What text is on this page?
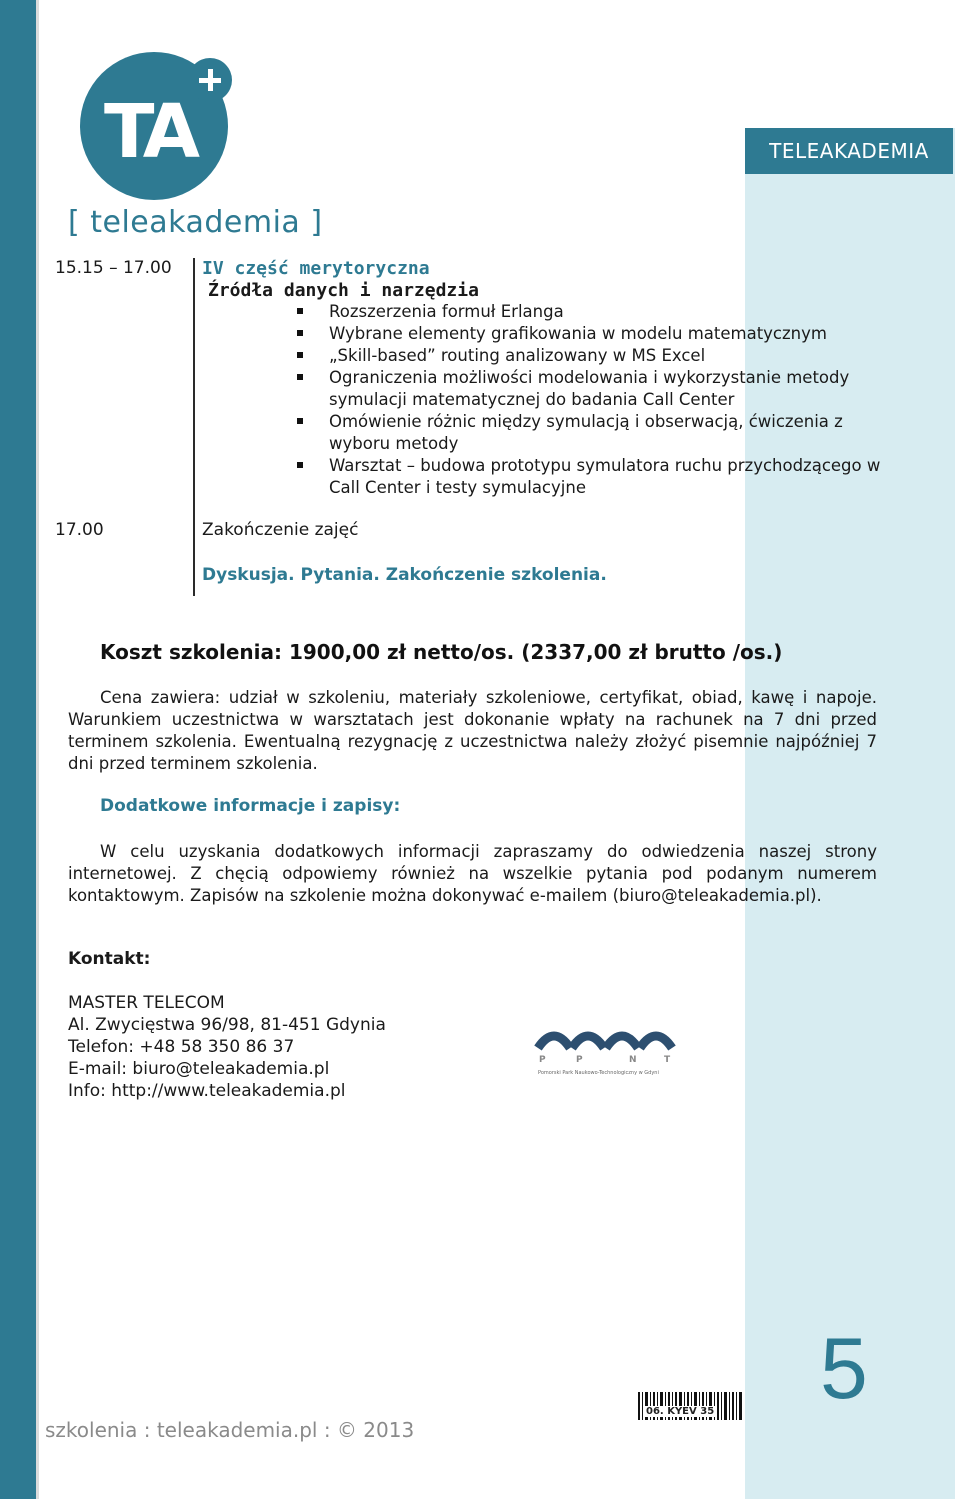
TELEAKADEMIA
TA
[ teleakademia ]
15.15 – 17.00 IV część merytoryczna
Źródła danych i narzędzia
Rozszerzenia formuł Erlanga
Wybrane elementy grafikowania w modelu matematycznym
„Skill-based” routing analizowany w MS Excel
Ograniczenia możliwości modelowania i wykorzystanie metody symulacji matematycznej do badania Call Center
Omówienie różnic między symulacją i obserwacją, ćwiczenia z wyboru metody
Warsztat – budowa prototypu symulatora ruchu przychodzącego w Call Center i testy symulacyjne
17.00	Zakończenie zajęć
Dyskusja. Pytania. Zakończenie szkolenia.
Koszt szkolenia: 1900,00 zł netto/os. (2337,00 zł brutto /os.)
Cena zawiera: udział w szkoleniu, materiały szkoleniowe, certyfikat, obiad, kawę i napoje. Warunkiem uczestnictwa w warsztatach jest dokonanie wpłaty na rachunek na 7 dni przed terminem szkolenia. Ewentualną rezygnację z uczestnictwa należy złożyć pisemnie najpóźniej 7 dni przed terminem szkolenia.
Dodatkowe informacje i zapisy:
W celu uzyskania dodatkowych informacji zapraszamy do odwiedzenia naszej strony internetowej. Z chęcią odpowiemy również na wszelkie pytania pod podanym numerem kontaktowym. Zapisów na szkolenie można dokonywać e-mailem (biuro@teleakademia.pl).
Kontakt:
MASTER TELECOM
Al. Zwycięstwa 96/98, 81-451 Gdynia
Telefon: +48 58 350 86 37
E-mail: biuro@teleakademia.pl
Info: http://www.teleakademia.pl
P	P	N	T
Pomorski Park Naukowo-Technologiczny w Gdyni
5
06. KYEV 35
szkolenia : teleakademia.pl : © 2013
